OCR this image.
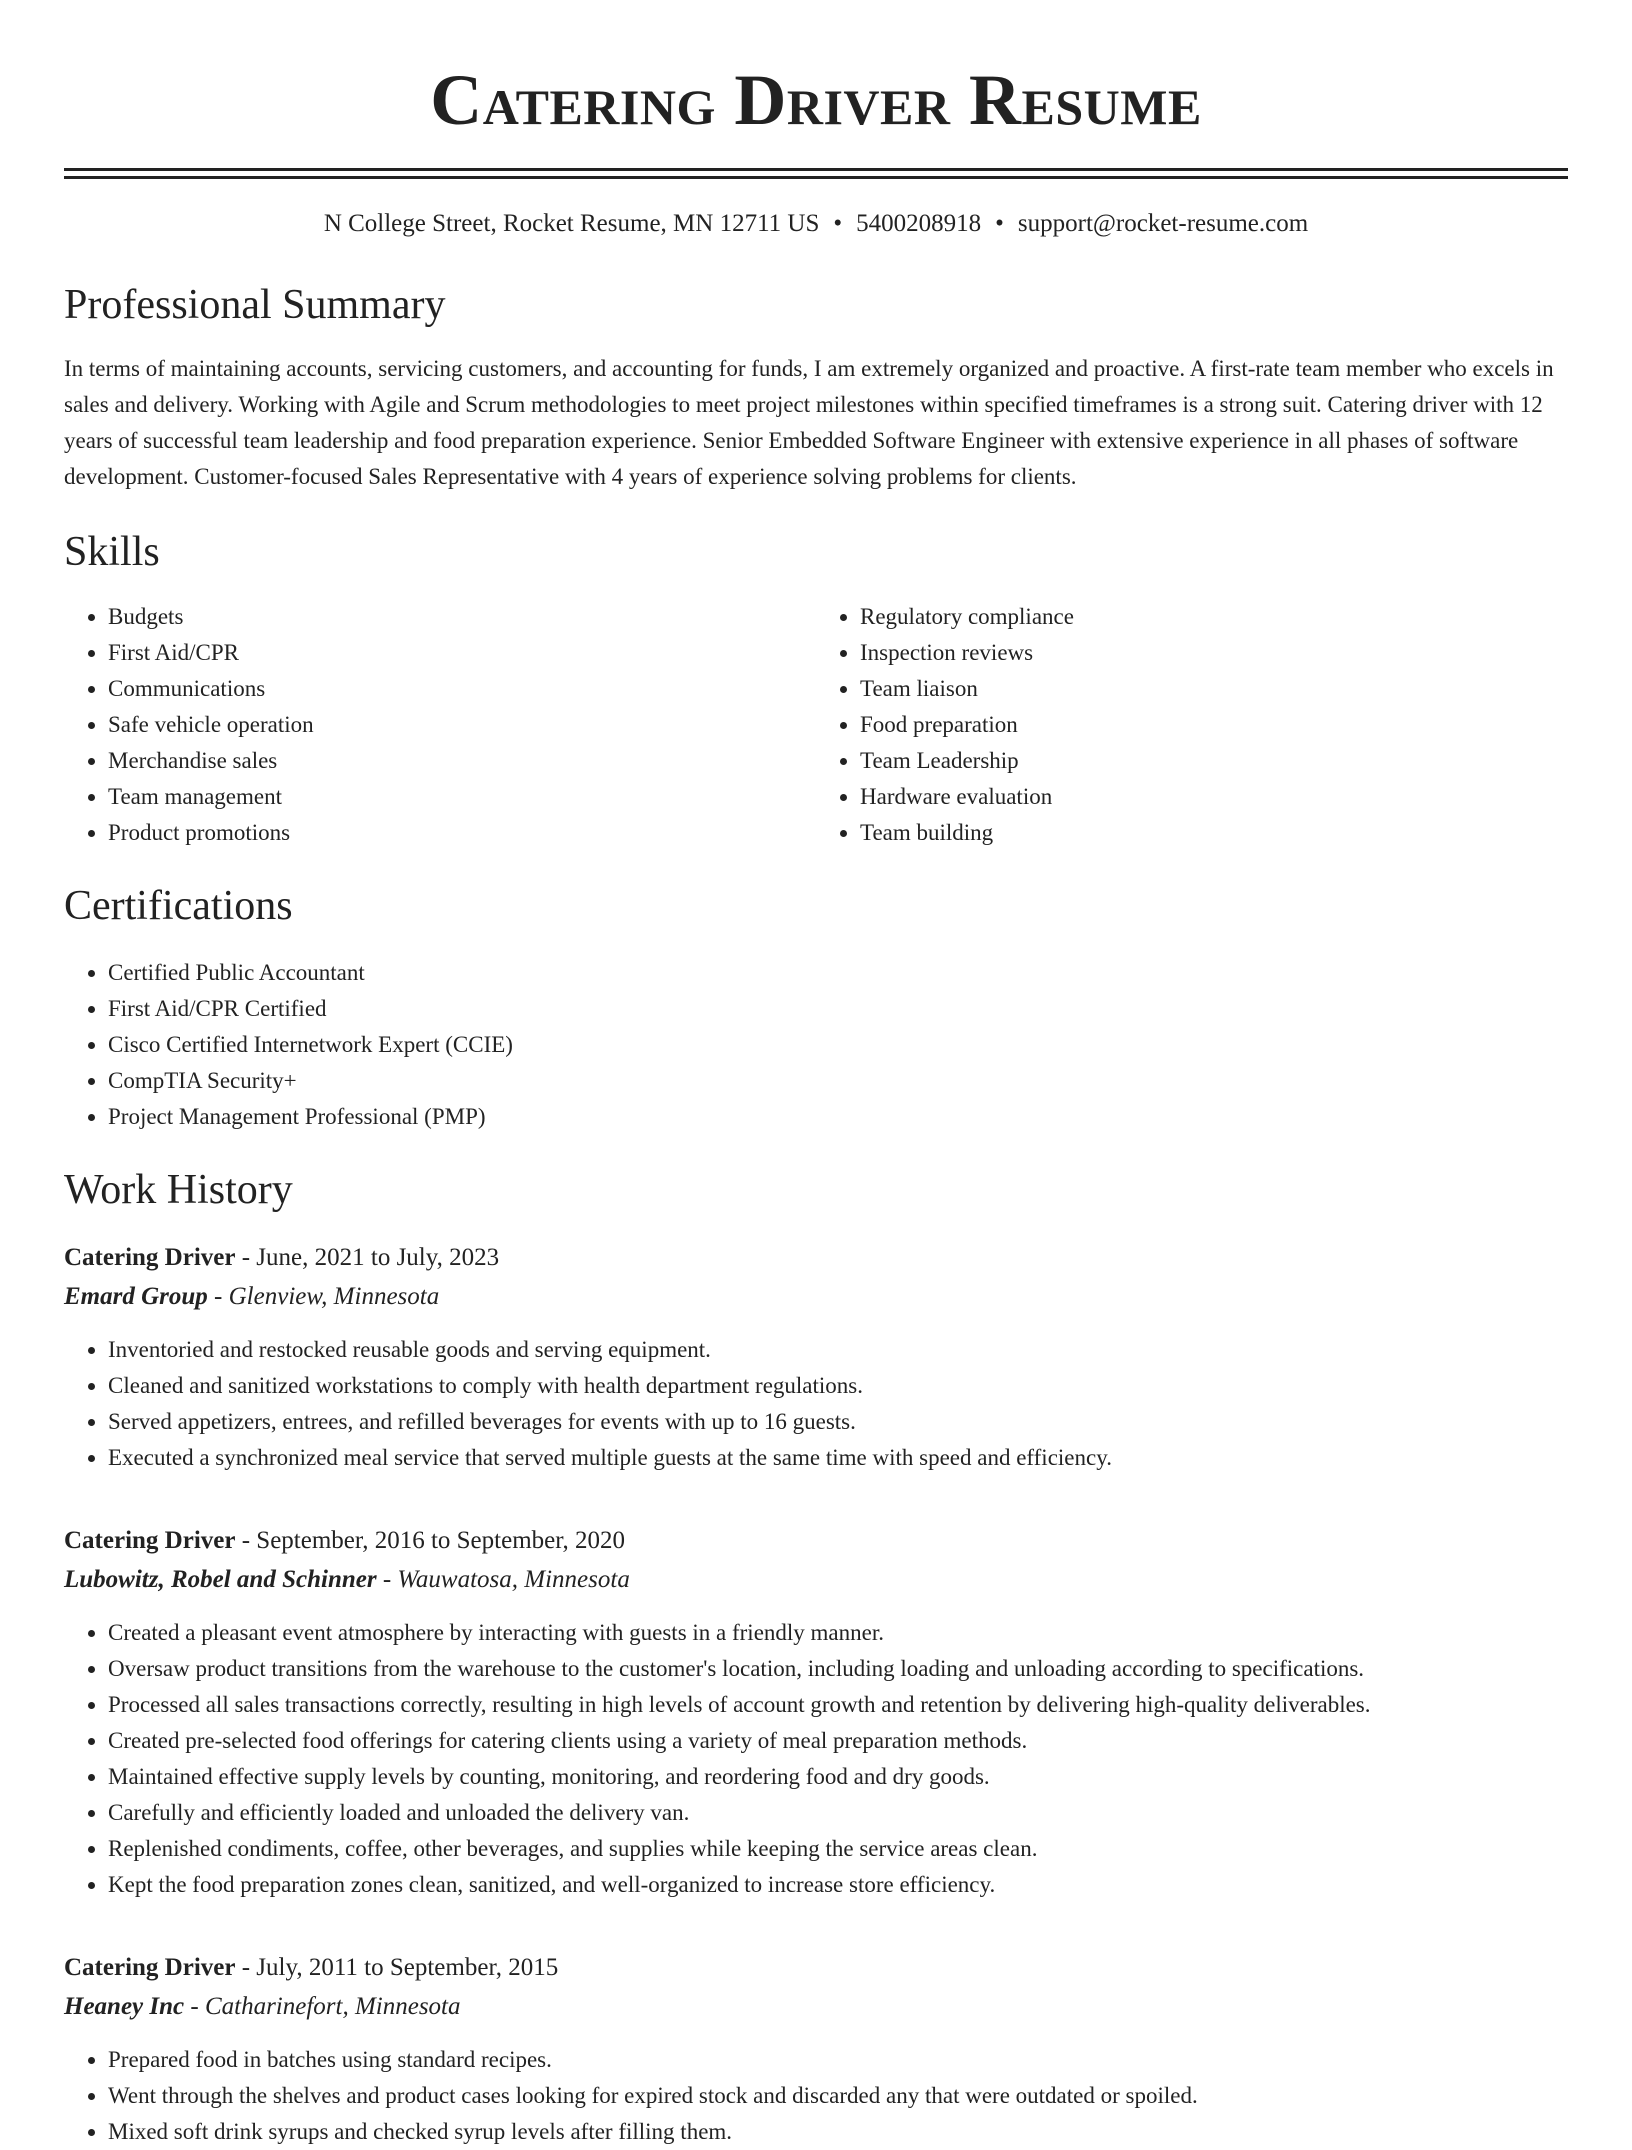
Catering Driver Resume
N College Street, Rocket Resume, MN 12711 US • 5400208918 • support@rocket-resume.com
Professional Summary

In terms of maintaining accounts, servicing customers, and accounting for funds, I am extremely organized and proactive. A first-rate team member who excels in sales and delivery. Working with Agile and Scrum methodologies to meet project milestones within specified timeframes is a strong suit. Catering driver with 12 years of successful team leadership and food preparation experience. Senior Embedded Software Engineer with extensive experience in all phases of software development. Customer-focused Sales Representative with 4 years of experience solving problems for clients.

Skills
• Budgets
• First Aid/CPR
• Communications
• Safe vehicle operation
• Merchandise sales
• Team management
• Product promotions
• Regulatory compliance
• Inspection reviews
• Team liaison
• Food preparation
• Team Leadership
• Hardware evaluation
• Team building
Certifications
• Certified Public Accountant
• First Aid/CPR Certified
• Cisco Certified Internetwork Expert (CCIE)
• CompTIA Security+
• Project Management Professional (PMP)
Work History
Catering Driver - June, 2021 to July, 2023
Emard Group - Glenview, Minnesota
• Inventoried and restocked reusable goods and serving equipment.
• Cleaned and sanitized workstations to comply with health department regulations.
• Served appetizers, entrees, and refilled beverages for events with up to 16 guests.
• Executed a synchronized meal service that served multiple guests at the same time with speed and efficiency.
Catering Driver - September, 2016 to September, 2020
Lubowitz, Robel and Schinner - Wauwatosa, Minnesota
• Created a pleasant event atmosphere by interacting with guests in a friendly manner.
• Oversaw product transitions from the warehouse to the customer's location, including loading and unloading according to specifications.
• Processed all sales transactions correctly, resulting in high levels of account growth and retention by delivering high-quality deliverables.
• Created pre-selected food offerings for catering clients using a variety of meal preparation methods.
• Maintained effective supply levels by counting, monitoring, and reordering food and dry goods.
• Carefully and efficiently loaded and unloaded the delivery van.
• Replenished condiments, coffee, other beverages, and supplies while keeping the service areas clean.
• Kept the food preparation zones clean, sanitized, and well-organized to increase store efficiency.
Catering Driver - July, 2011 to September, 2015
Heaney Inc - Catharinefort, Minnesota
• Prepared food in batches using standard recipes.
• Went through the shelves and product cases looking for expired stock and discarded any that were outdated or spoiled.
• Mixed soft drink syrups and checked syrup levels after filling them.
